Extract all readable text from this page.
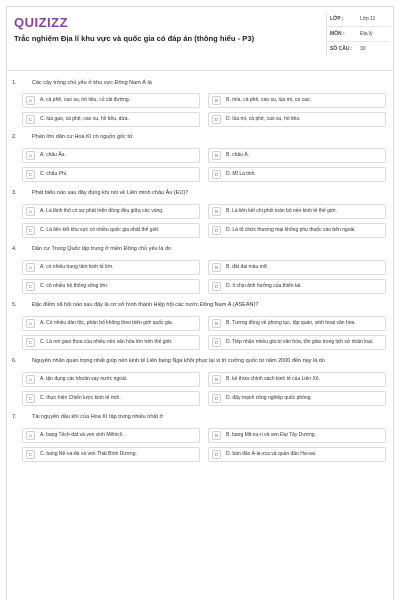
QUIZIZZ
Trắc nghiệm Địa lí khu vực và quốc gia có đáp án (thông hiểu - P3)
LỚP :	Lớp 11
MÔN :	Địa lý
SỐ CÂU :	30
1.	Các cây trồng chủ yếu ở khu vực Đông Nam Á là
A	A. cà phê, cao su, hồ tiêu, củ cải đường.	B	B. mía, cà phê, cao su, lúa mì, ca cao.
C	C. lúa gạo, cà phê, cao su, hồ tiêu, dừa.	D	D. lúa mì, cà phê, cao su, hồ tiêu.
2.	Phần lớn dân cư Hoa Kì có nguồn gốc từ
A	A. châu Âu.	B	B. châu Á.
C	C. châu Phi.	D	D. Mĩ La tinh.
3.	Phát biểu nào sau đây đúng khi nói về Liên minh châu Âu (EU)?
A	A. Là lãnh thổ có sự phát triển đồng đều giữa các vùng.	B	B. Là liên kết chi phối toàn bộ nền kinh tế thế giới.
C	C. Là liên kết khu vực có nhiều quốc gia nhất thế giới.	D	D. Là tổ chức thương mại không phụ thuộc vào bên ngoài.
4.	Dân cư Trung Quốc tập trung ở miền Đông chủ yếu là do
A	A. có nhiều trung tâm kinh tế lớn.	B	B. đất đai màu mỡ.
C	C. có nhiều hệ thống sông lớn.	D	D. ít chịu ảnh hưởng của thiên tai.
5.	Đặc điểm xã hội nào sau đây là cơ sở hình thành Hiệp hội các nước Đông Nam Á (ASEAN)?
A	A. Có nhiều dân tộc, phân bố không theo biên giới quốc gia.	B	B. Tương đồng về phong tục, tập quán, sinh hoạt văn hóa.
C	C. Là nơi giao thoa của nhiều nền văn hóa lớn trên thế giới.	D	D. Tiếp nhận nhiều giá trị văn hóa, tôn giáo trong lịch sử nhân loại.
6.	Nguyên nhân quan trọng nhất giúp nền kinh tế Liên bang Nga khôi phục lại vị trí cường quốc từ năm 2000 đến nay là do
A	A. tận dụng các khoản vay nước ngoài.	B	B. kế thừa chính sách kinh tế của Liên Xô.
C	C. thực hiện Chiến lược kinh tế mới.	D	D. đẩy mạnh công nghiệp quốc phòng.
7.	Tài nguyên dầu khí của Hoa Kì tập trung nhiều nhất ở
A	A. bang Tếch-dát và ven vịnh Mêhicô.	B	B. bang Mit-xu-ri và ven Đại Tây Dương.
C	C. bang Nê-va-đa và ven Thái Bình Dương.	D	D. bán đảo A-la-xca và quần đảo Ha-oai.
